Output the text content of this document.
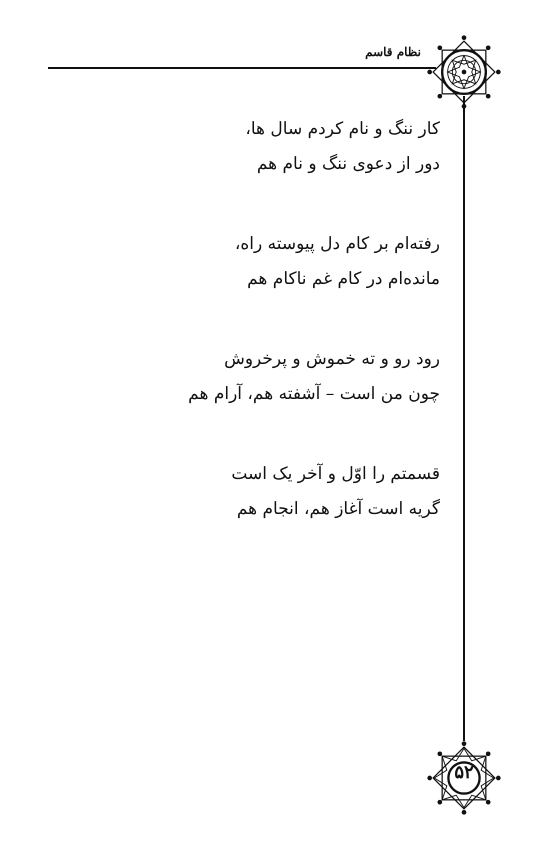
نظام قاسم
کار ننگ و نام کردم سال ها،
دور از دعوی ننگ و نام هم
رفته‌ام بر کام دل پیوسته راه،
مانده‌ام در کام غم ناکام هم
رود رو و ته خموش و پرخروش
چون من است – آشفته هم، آرام هم
قسمتم را اوّل و آخر یک است
گریه است آغاز هم، انجام هم
۵۲
